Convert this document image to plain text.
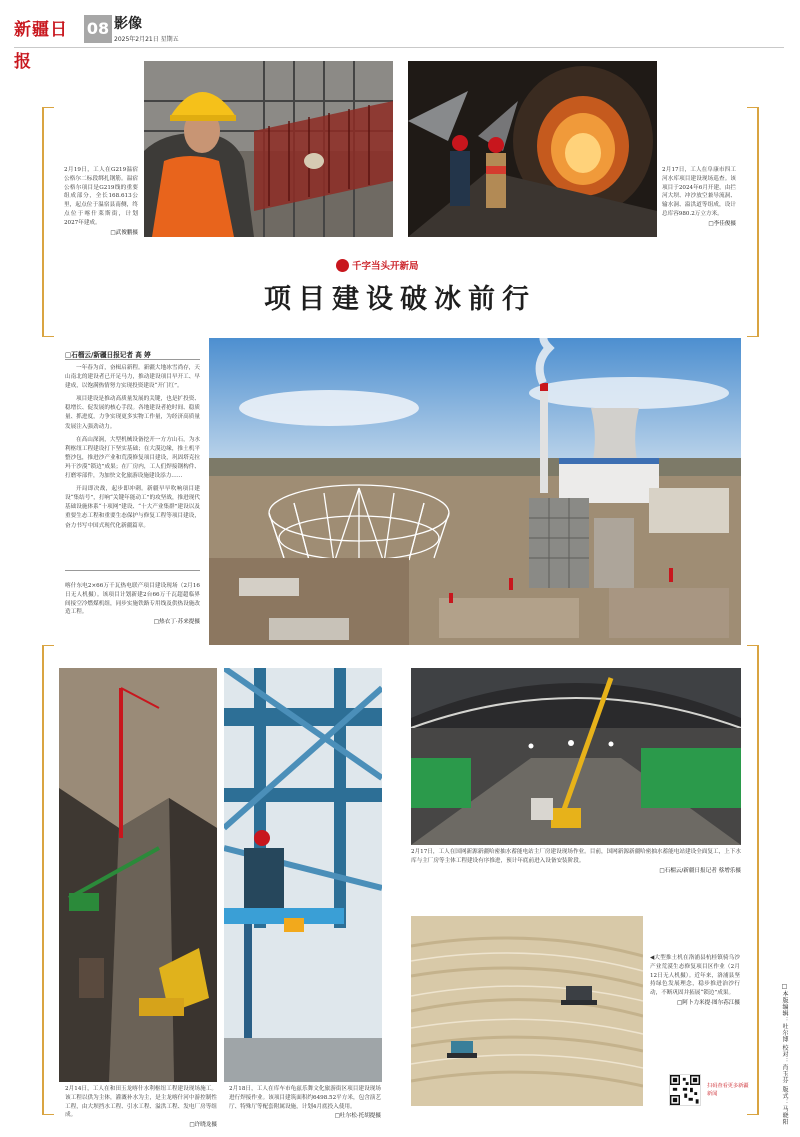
新疆日报
08 影像
2025年2月21日 星期五
2月19日，工人在G219温宿公格尔二标段绑扎钢筋。温宿公格尔项目是G219线的重要组成部分，全长168.613公里，起点位于温宿县南侧，终点位于喀什莱斯街，计划2027年建成。
□武俊鹏摄
2月17日，工人在阜康市四工河水库项目建设现场巡查。该项目于2024年6月开建，由拦河大坝、冲沙放空兼导流洞、输水洞、溢洪道等组成，设计总库容980.2万立方米。
□李佳俊摄
千字当头开新局
项目建设破冰前行
□石榴云/新疆日报记者 高 婷

一年春为首，奋楫启新程。新疆大地冰雪尚存，天山南北的建设者已开足马力，推动建设项目早开工、早建成，以饱满热情努力实现投资建设“开门红”。

项目建设是推动高质量发展的关键，也是扩投资、稳增长、促发展的核心手段。各地建设者抢时间、稳质量、抓进度，力争实现更多实物工作量，为经济高质量发展注入强劲动力。

在高山深涧，大型机械设备挖开一方方山石，为水利枢纽工程建设打下坚实基础；在大漠边缘，推土机平整沙包，推进沙产业和荒漠修复项目建设，巩固塔克拉玛干沙漠“锁边”成果；在厂房内，工人们焊接钢构件、打磨零部件，为加快文化旅游设施建设添力……

开局即决战，起步即冲刺。新疆早早吹响项目建设“集结号”，打响“关键年能动工”的攻坚战，推进现代基础设施体系“十项网”建设、“十大产业集群”建设以及重要生态工程和重要生态保护与修复工程等项目建设，奋力书写中国式现代化新疆篇章。

喀什东电2×66万千瓦热电联产项目建设现场（2月16日无人机摄）。该项目计划新建2台66万千瓦超超临界间接空冷燃煤机组，同步实施铁路专用线及供热设施改造工程。
□热衣丁·苏来提摄
2月14日，工人在和田玉龙喀什水利枢纽工程建设现场施工。该工程以供为主体，灌溉补水为主，是主龙喀什河中游控制性工程，由大坝挡水工程、引水工程、溢洪工程、发电厂房等组成。
□许晓龙摄
2月18日，工人在库车市龟兹乐舞文化旅游街区项目建设现场进行焊接作业。该项目建筑面积约6498.52平方米，包含演艺厅、特殊厅等配套附属设施，计划4月底投入使用。
□吐尔松·托胡提摄
2月17日，工人在国网新源新疆哈密抽水蓄能电站主厂房建设现场作业。目前，国网新源新疆哈密抽水蓄能电站建设全面复工，上下水库与主厂房等主体工程建设有序推进，预计年底前进入设备安装阶段。
□石榴云/新疆日报记者 蔡增乐摄
◀大型推土机在洛浦县杭桂镇骑乌沙产业荒漠生态修复项目区作业（2月12日无人机摄）。近年来，洛浦县坚持绿色发展理念，稳步推进治沙行动，不断巩固并拓展“锁边”成果。
□阿卜力米提·图尔荪江摄
扫码查看更多新疆新闻	□本版编辑：吐尔博 校对：肖玉芬 版式：马晓阳
